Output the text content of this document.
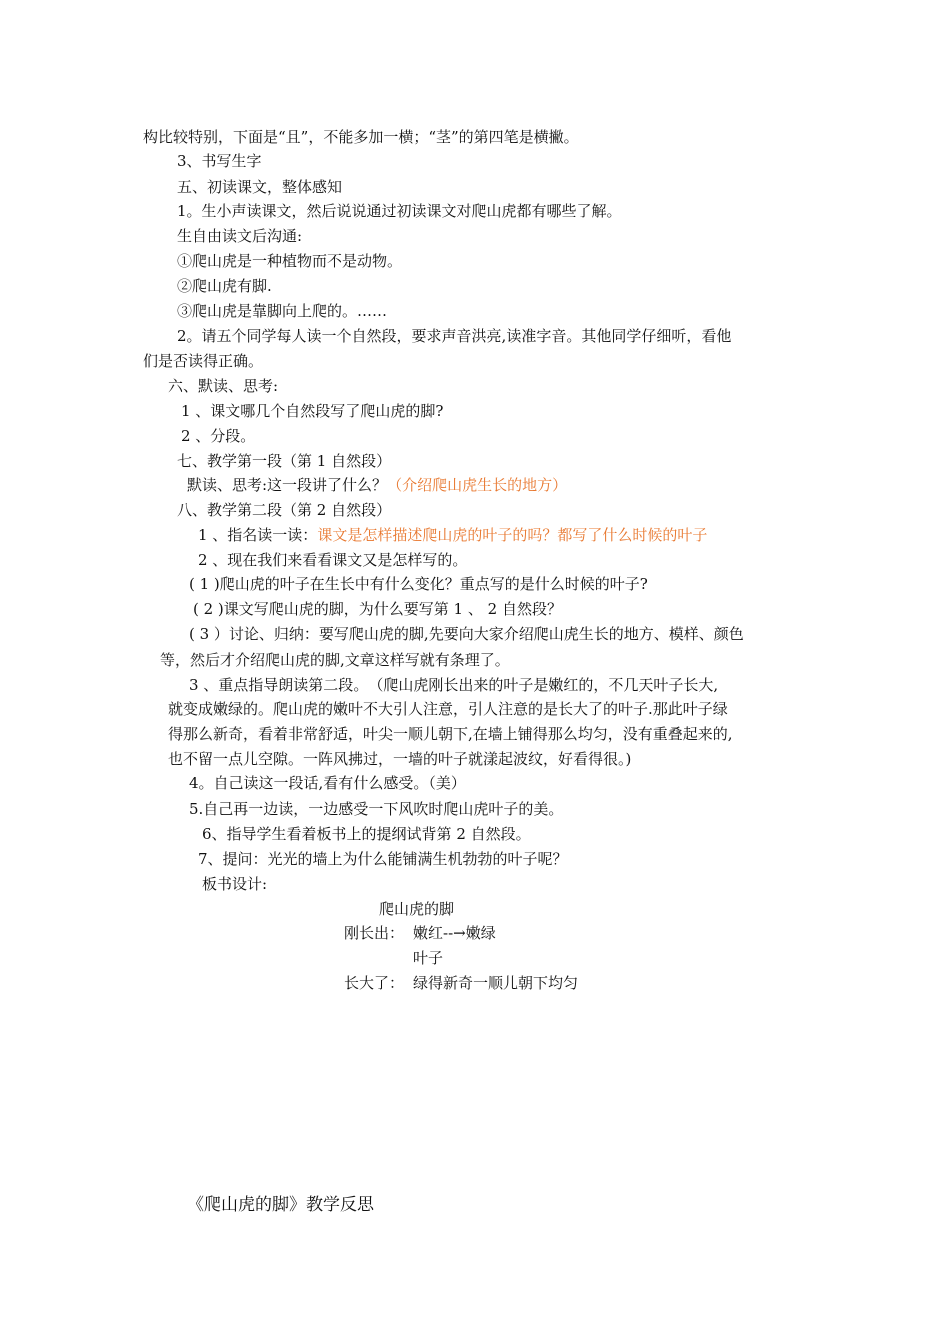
构比较特别，下面是“且”，不能多加一横；“茎”的第四笔是横撇。
3、书写生字
五、初读课文，整体感知
1。生小声读课文，然后说说通过初读课文对爬山虎都有哪些了解。
生自由读文后沟通:
①爬山虎是一种植物而不是动物。
②爬山虎有脚.
③爬山虎是靠脚向上爬的。……
2。请五个同学每人读一个自然段，要求声音洪亮,读准字音。其他同学仔细听，看他
们是否读得正确。
六、默读、思考:
1 、课文哪几个自然段写了爬山虎的脚?
2 、分段。
七、教学第一段（第 1 自然段）
默读、思考:这一段讲了什么？（介绍爬山虎生长的地方）
八、教学第二段（第 2 自然段）
1 、指名读一读：课文是怎样描述爬山虎的叶子的吗？都写了什么时候的叶子
2 、现在我们来看看课文又是怎样写的。
( 1 )爬山虎的叶子在生长中有什么变化？重点写的是什么时候的叶子?
( 2 )课文写爬山虎的脚，为什么要写第 1 、 2 自然段？
( 3 ）讨论、归纳：要写爬山虎的脚,先要向大家介绍爬山虎生长的地方、模样、颜色
等，然后才介绍爬山虎的脚,文章这样写就有条理了。
3 、重点指导朗读第二段。　（爬山虎刚长出来的叶子是嫩红的，不几天叶子长大,
就变成嫩绿的。爬山虎的嫩叶不大引人注意，引人注意的是长大了的叶子.那此叶子绿
得那么新奇，看着非常舒适，叶尖一顺儿朝下,在墙上铺得那么均匀，没有重叠起来的,
也不留一点儿空隙。一阵风拂过，一墙的叶子就漾起波纹，好看得很。)
4。自己读这一段话,看有什么感受。（美）
5.自己再一边读，一边感受一下风吹时爬山虎叶子的美。
6、指导学生看着板书上的提纲试背第 2 自然段。
7、提问：光光的墙上为什么能铺满生机勃勃的叶子呢？
板书设计:
爬山虎的脚
刚长出： 嫩红--→嫩绿
叶子
长大了： 绿得新奇一顺儿朝下均匀
《爬山虎的脚》教学反思
